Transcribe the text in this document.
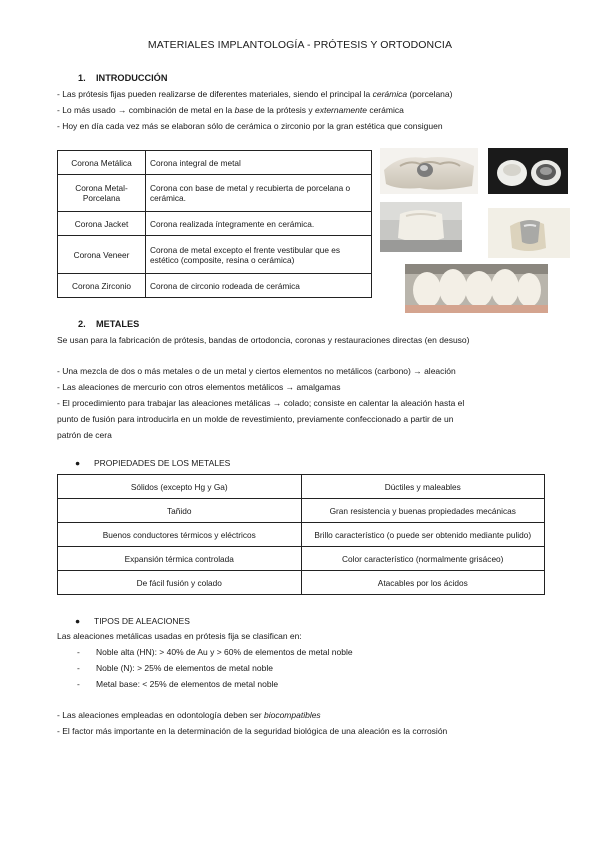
MATERIALES IMPLANTOLOGÍA - PRÓTESIS Y ORTODONCIA
1. INTRODUCCIÓN
- Las prótesis fijas pueden realizarse de diferentes materiales, siendo el principal la cerámica (porcelana)
- Lo más usado → combinación de metal en la base de la prótesis y externamente cerámica
- Hoy en día cada vez más se elaboran sólo de cerámica o zirconio por la gran estética que consiguen
Corona Metálica	Corona integral de metal
Corona Metal-Porcelana	Corona con base de metal y recubierta de porcelana o cerámica.
Corona Jacket	Corona realizada íntegramente en cerámica.
Corona Veneer	Corona de metal excepto el frente vestibular que es estético (composite, resina o cerámica)
Corona Zirconio	Corona de circonio rodeada de cerámica
2. METALES
Se usan para la fabricación de prótesis, bandas de ortodoncia, coronas y restauraciones directas (en desuso)
- Una mezcla de dos o más metales o de un metal y ciertos elementos no metálicos (carbono) → aleación
- Las aleaciones de mercurio con otros elementos metálicos → amalgamas
- El procedimiento para trabajar las aleaciones metálicas → colado; consiste en calentar la aleación hasta el
punto de fusión para introducirla en un molde de revestimiento, previamente confeccionado a partir de un
patrón de cera
● PROPIEDADES DE LOS METALES
Sólidos (excepto Hg y Ga)	Dúctiles y maleables
Tañido	Gran resistencia y buenas propiedades mecánicas
Buenos conductores térmicos y eléctricos	Brillo característico (o puede ser obtenido mediante pulido)
Expansión térmica controlada	Color característico (normalmente grisáceo)
De fácil fusión y colado	Atacables por los ácidos
● TIPOS DE ALEACIONES
Las aleaciones metálicas usadas en prótesis fija se clasifican en:
- Noble alta (HN): > 40% de Au y > 60% de elementos de metal noble
- Noble (N): > 25% de elementos de metal noble
- Metal base: < 25% de elementos de metal noble
- Las aleaciones empleadas en odontología deben ser biocompatibles
- El factor más importante en la determinación de la seguridad biológica de una aleación es la corrosión
